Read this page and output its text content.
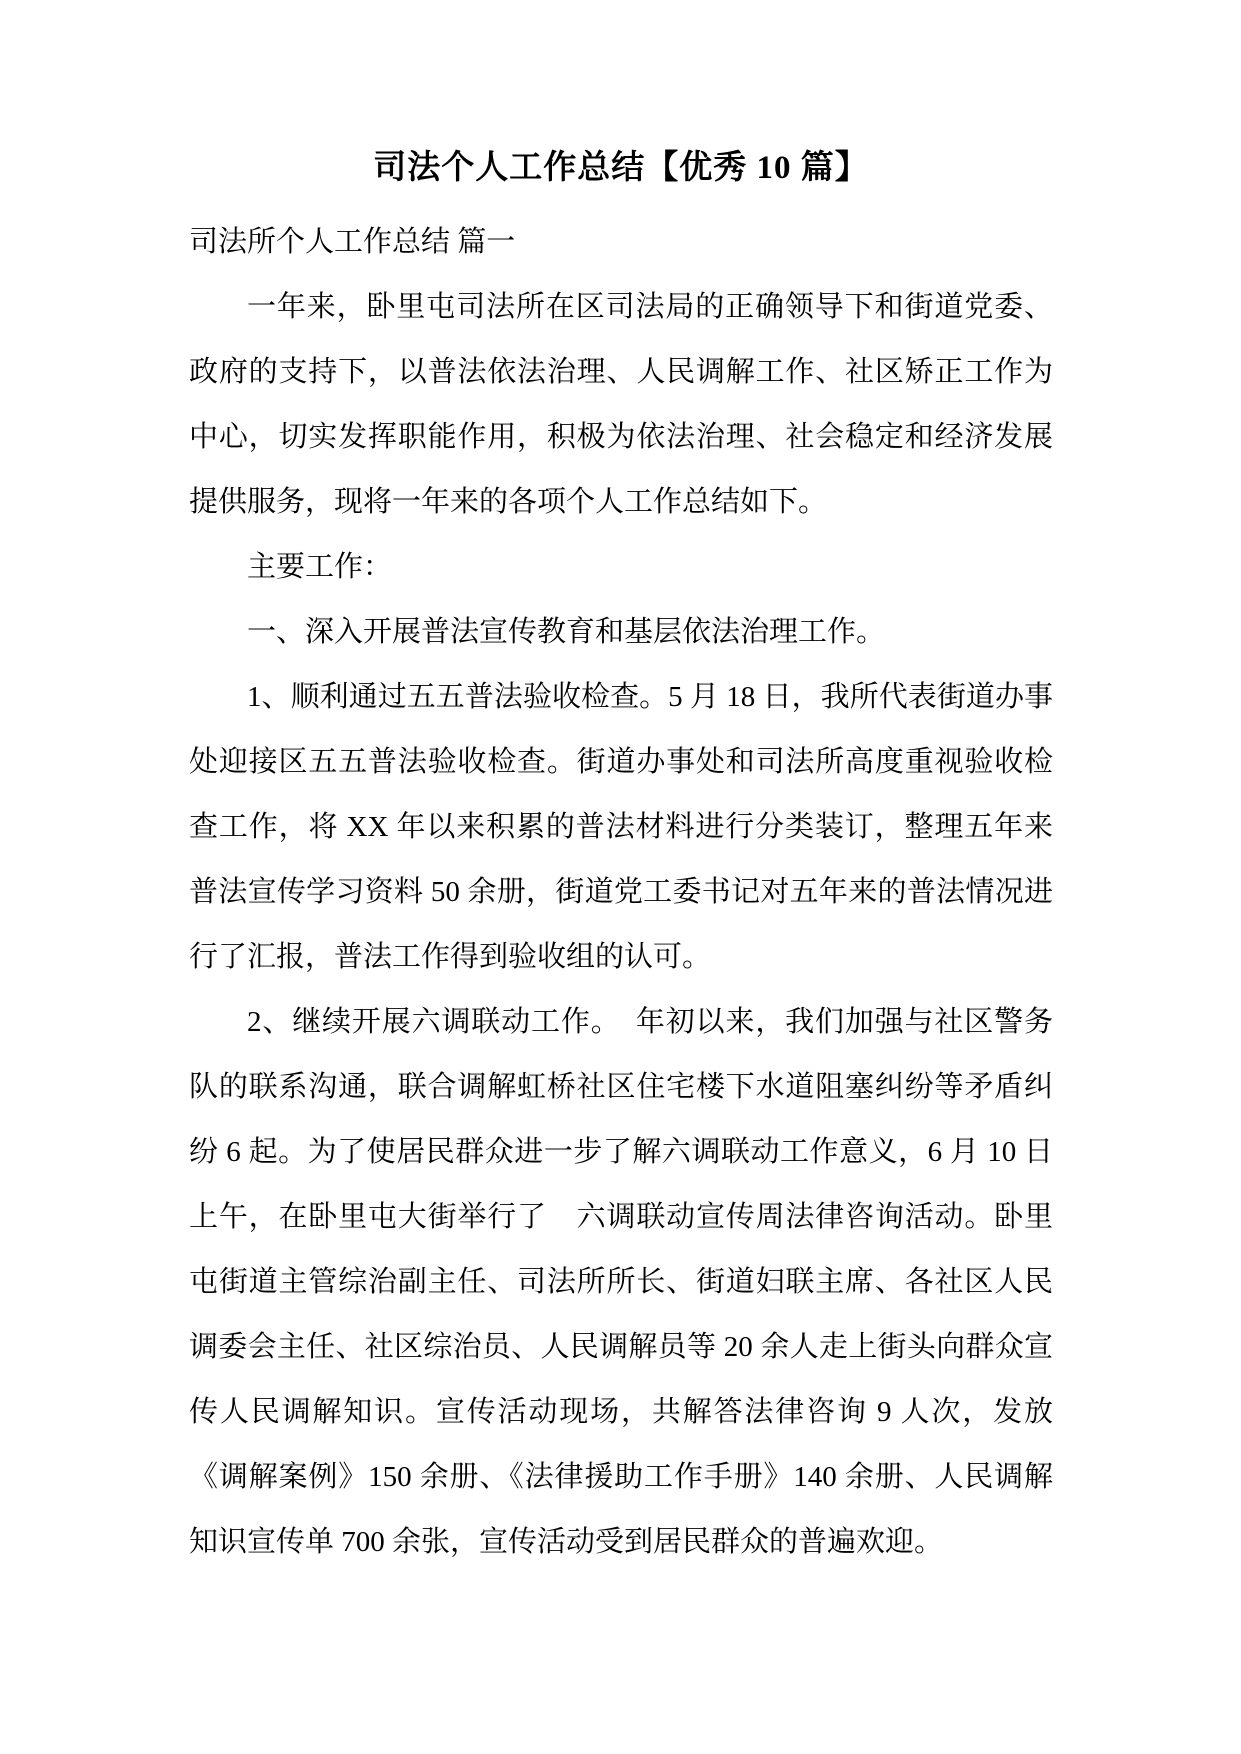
司法个人工作总结【优秀 10 篇】

司法所个人工作总结 篇一

一年来，卧里屯司法所在区司法局的正确领导下和街道党委、政府的支持下，以普法依法治理、人民调解工作、社区矫正工作为中心，切实发挥职能作用，积极为依法治理、社会稳定和经济发展提供服务，现将一年来的各项个人工作总结如下。

主要工作：

一、深入开展普法宣传教育和基层依法治理工作。

1、顺利通过五五普法验收检查。5 月 18 日，我所代表街道办事处迎接区五五普法验收检查。街道办事处和司法所高度重视验收检查工作，将 XX 年以来积累的普法材料进行分类装订，整理五年来普法宣传学习资料 50 余册，街道党工委书记对五年来的普法情况进行了汇报，普法工作得到验收组的认可。

2、继续开展六调联动工作。　年初以来，我们加强与社区警务队的联系沟通，联合调解虹桥社区住宅楼下水道阻塞纠纷等矛盾纠纷 6 起。为了使居民群众进一步了解六调联动工作意义，6 月 10 日上午，在卧里屯大街举行了　六调联动宣传周法律咨询活动。卧里屯街道主管综治副主任、司法所所长、街道妇联主席、各社区人民调委会主任、社区综治员、人民调解员等 20 余人走上街头向群众宣传人民调解知识。宣传活动现场，共解答法律咨询 9 人次，发放《调解案例》150 余册、《法律援助工作手册》140 余册、人民调解知识宣传单 700 余张，宣传活动受到居民群众的普遍欢迎。
